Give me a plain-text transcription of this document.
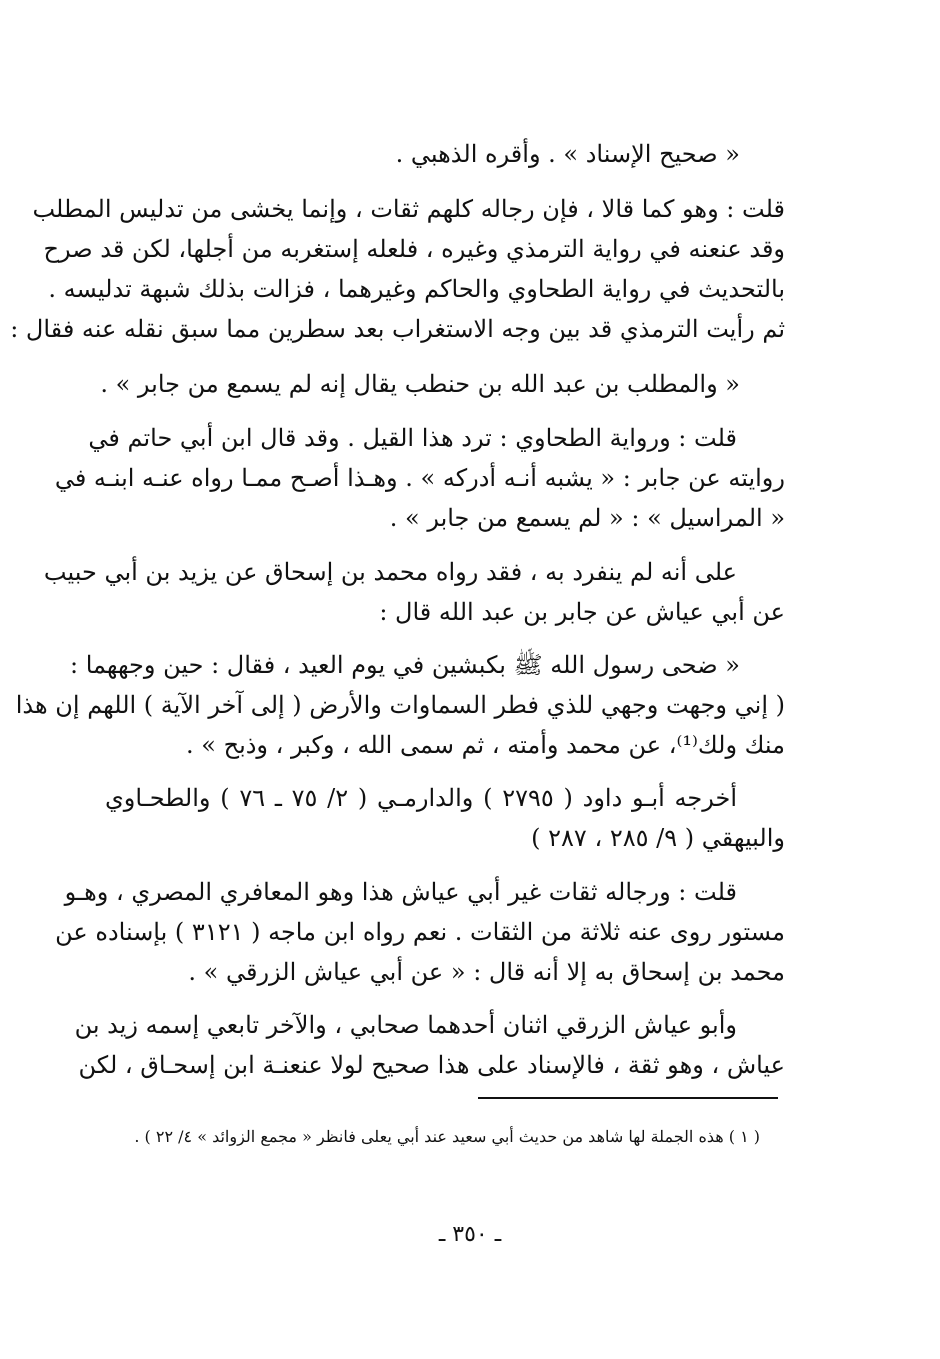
« صحيح الإسناد » . وأقره الذهبي .
قلت : وهو كما قالا ، فإن رجاله كلهم ثقات ، وإنما يخشى من تدليس المطلب
وقد عنعنه في رواية الترمذي وغيره ، فلعله إستغربه من أجلها، لكن قد صرح
بالتحديث في رواية الطحاوي والحاكم وغيرهما ، فزالت بذلك شبهة تدليسه .
ثم رأيت الترمذي قد بين وجه الاستغراب بعد سطرين مما سبق نقله عنه فقال :
« والمطلب بن عبد الله بن حنطب يقال إنه لم يسمع من جابر » .
قلت : ورواية الطحاوي : ترد هذا القيل . وقد قال ابن أبي حاتم في
روايته عن جابر : « يشبه أنـه أدركه » . وهـذا أصـح ممـا رواه عنـه ابنـه في
« المراسيل » : « لم يسمع من جابر » .
على أنه لم ينفرد به ، فقد رواه محمد بن إسحاق عن يزيد بن أبي حبيب
عن أبي عياش عن جابر بن عبد الله قال :
« ضحى رسول الله ﷺ بكبشين في يوم العيد ، فقال : حين وجههما :
( إني وجهت وجهي للذي فطر السماوات والأرض ( إلى آخر الآية ) اللهم إن هذا
منك ولك⁽¹⁾، عن محمد وأمته ، ثم سمى الله ، وكبر ، وذبح » .
أخرجه أبـو داود ( ٢٧٩٥ ) والدارمـي ( ٢/ ٧٥ ـ ٧٦ ) والطحـاوي
والبيهقي ( ٩/ ٢٨٥ ، ٢٨٧ )
قلت : ورجاله ثقات غير أبي عياش هذا وهو المعافري المصري ، وهـو
مستور روى عنه ثلاثة من الثقات . نعم رواه ابن ماجه ( ٣١٢١ ) بإسناده عن
محمد بن إسحاق به إلا أنه قال : « عن أبي عياش الزرقي » .
وأبو عياش الزرقي اثنان أحدهما صحابي ، والآخر تابعي إسمه زيد بن
عياش ، وهو ثقة ، فالإسناد على هذا صحيح لولا عنعنـة ابن إسحـاق ، لكن
( ١ ) هذه الجملة لها شاهد من حديث أبي سعيد عند أبي يعلى فانظر « مجمع الزوائد » ٤/ ٢٢ ) .
ـ ٣٥٠ ـ
